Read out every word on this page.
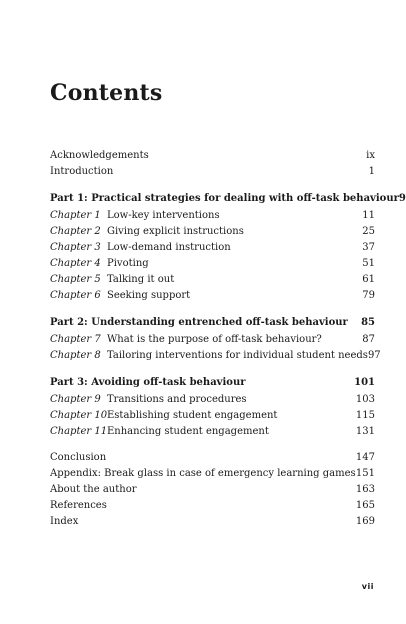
Contents
Acknowledgements	ix
Introduction	1
Part 1: Practical strategies for dealing with off-task behaviour 9
Chapter 1 Low-key interventions	11
Chapter 2 Giving explicit instructions	25
Chapter 3 Low-demand instruction	37
Chapter 4 Pivoting	51
Chapter 5 Talking it out	61
Chapter 6 Seeking support	79
Part 2: Understanding entrenched off-task behaviour	85
Chapter 7 What is the purpose of off-task behaviour?	87
Chapter 8 Tailoring interventions for individual student needs 97
Part 3: Avoiding off-task behaviour	101
Chapter 9 Transitions and procedures	103
Chapter 10Establishing student engagement	115
Chapter 11Enhancing student engagement	131
Conclusion	147
Appendix: Break glass in case of emergency learning games 151
About the author	163
References	165
Index	169
vii
